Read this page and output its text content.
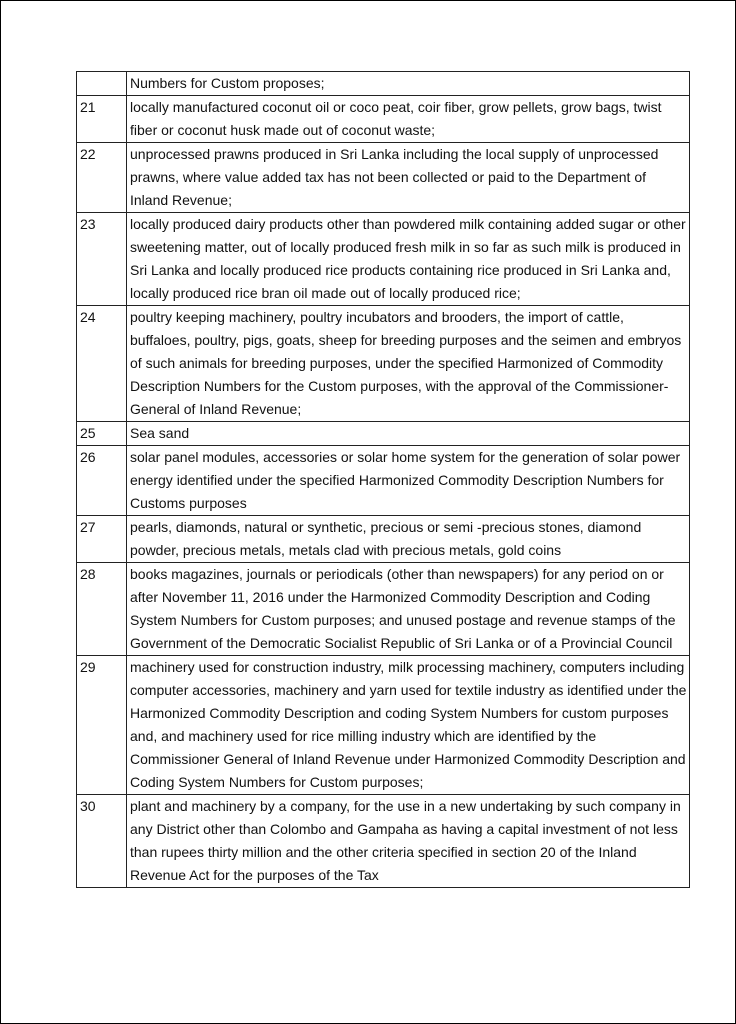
	Numbers for Custom proposes;
21	locally manufactured coconut oil or coco peat, coir fiber, grow pellets, grow bags, twist fiber or coconut husk made out of coconut waste;
22	unprocessed prawns produced in Sri Lanka including the local supply of unprocessed prawns, where value added tax has not been collected or paid to the Department of Inland Revenue;
23	locally produced dairy products other than powdered milk containing added sugar or other sweetening matter, out of locally produced fresh milk in so far as such milk is produced in Sri Lanka and locally produced rice products containing rice produced in Sri Lanka and, locally produced rice bran oil made out of locally produced rice;
24	poultry keeping machinery, poultry incubators and brooders, the import of cattle, buffaloes, poultry, pigs, goats, sheep for breeding purposes and the seimen and embryos of such animals for breeding purposes, under the specified Harmonized of Commodity Description Numbers for the Custom purposes, with the approval of the Commissioner-General of Inland Revenue;
25	Sea sand
26	solar panel modules, accessories or solar home system for the generation of solar power energy identified under the specified Harmonized Commodity Description Numbers for Customs purposes
27	pearls, diamonds, natural or synthetic, precious or semi -precious stones, diamond powder, precious metals, metals clad with precious metals, gold coins
28	books magazines, journals or periodicals (other than newspapers) for any period on or after November 11, 2016 under the Harmonized Commodity Description and Coding System Numbers for Custom purposes; and unused postage and revenue stamps of the Government of the Democratic Socialist Republic of Sri Lanka or of a Provincial Council
29	machinery used for construction industry, milk processing machinery, computers including computer accessories, machinery and yarn used for textile industry as identified under the Harmonized Commodity Description and coding System Numbers for custom purposes and, and machinery used for rice milling industry which are identified by the Commissioner General of Inland Revenue under Harmonized Commodity Description and Coding System Numbers for Custom purposes;
30	plant and machinery by a company, for the use in a new undertaking by such company in any District other than Colombo and Gampaha as having a capital investment of not less than rupees thirty million and the other criteria specified in section 20 of the Inland Revenue Act for the purposes of the Tax
